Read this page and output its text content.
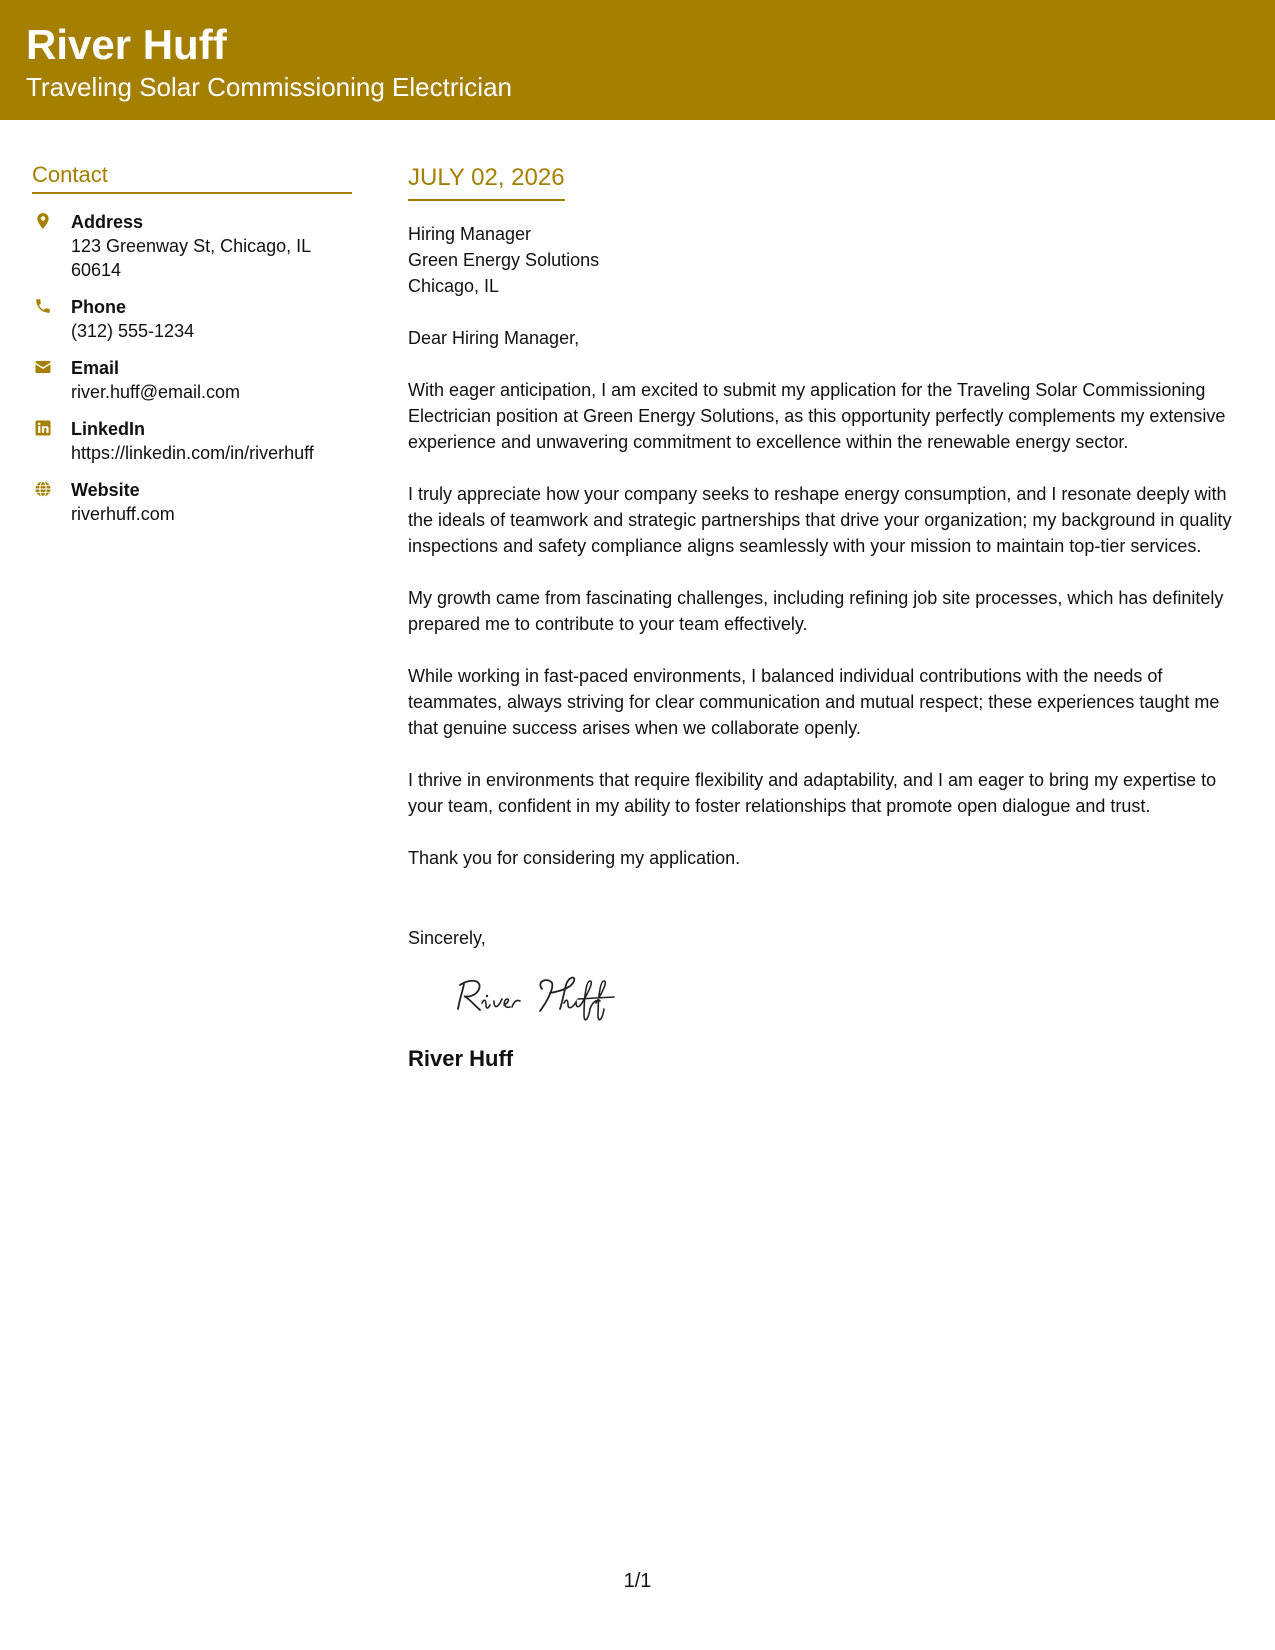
River Huff
Traveling Solar Commissioning Electrician
Contact
Address
123 Greenway St, Chicago, IL 60614
Phone
(312) 555-1234
Email
river.huff@email.com
LinkedIn
https://linkedin.com/in/riverhuff
Website
riverhuff.com
JULY 02, 2026
Hiring Manager
Green Energy Solutions
Chicago, IL
Dear Hiring Manager,
With eager anticipation, I am excited to submit my application for the Traveling Solar Commissioning Electrician position at Green Energy Solutions, as this opportunity perfectly complements my extensive experience and unwavering commitment to excellence within the renewable energy sector.
I truly appreciate how your company seeks to reshape energy consumption, and I resonate deeply with the ideals of teamwork and strategic partnerships that drive your organization; my background in quality inspections and safety compliance aligns seamlessly with your mission to maintain top-tier services.
My growth came from fascinating challenges, including refining job site processes, which has definitely prepared me to contribute to your team effectively.
While working in fast-paced environments, I balanced individual contributions with the needs of teammates, always striving for clear communication and mutual respect; these experiences taught me that genuine success arises when we collaborate openly.
I thrive in environments that require flexibility and adaptability, and I am eager to bring my expertise to your team, confident in my ability to foster relationships that promote open dialogue and trust.
Thank you for considering my application.
Sincerely,
River Huff
1/1
